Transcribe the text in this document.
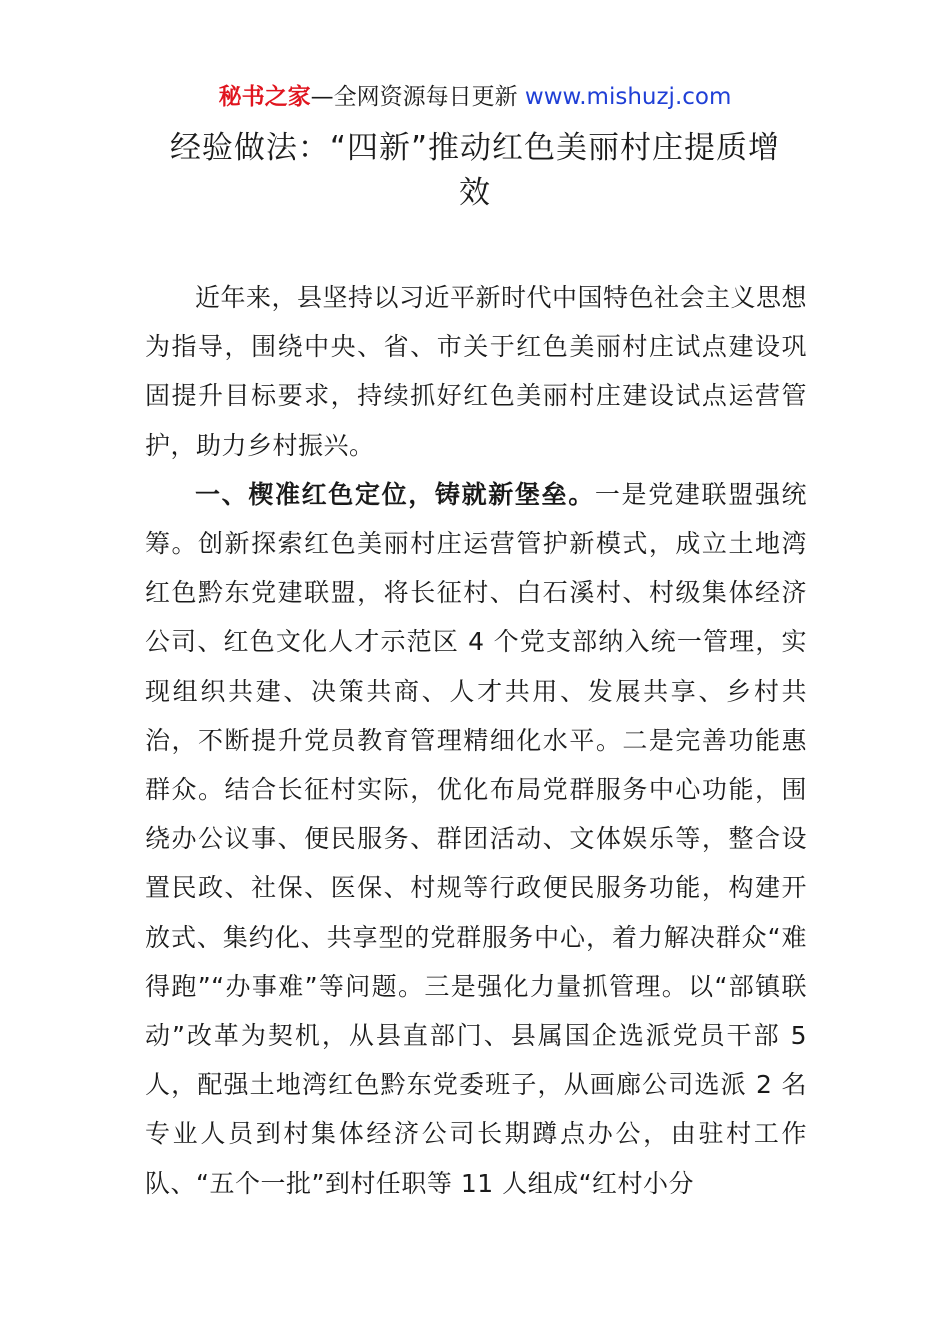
秘书之家—全网资源每日更新 www.mishuzj.com
经验做法：“四新”推动红色美丽村庄提质增
效

近年来，县坚持以习近平新时代中国特色社会主义思想为指导，围绕中央、省、市关于红色美丽村庄试点建设巩固提升目标要求，持续抓好红色美丽村庄建设试点运营管护，助力乡村振兴。

一、楔准红色定位，铸就新堡垒。一是党建联盟强统筹。创新探索红色美丽村庄运营管护新模式，成立土地湾红色黔东党建联盟，将长征村、白石溪村、村级集体经济公司、红色文化人才示范区 4 个党支部纳入统一管理，实现组织共建、决策共商、人才共用、发展共享、乡村共治，不断提升党员教育管理精细化水平。二是完善功能惠群众。结合长征村实际，优化布局党群服务中心功能，围绕办公议事、便民服务、群团活动、文体娱乐等，整合设置民政、社保、医保、村规等行政便民服务功能，构建开放式、集约化、共享型的党群服务中心，着力解决群众“难得跑”“办事难”等问题。三是强化力量抓管理。以“部镇联动”改革为契机，从县直部门、县属国企选派党员干部 5 人，配强土地湾红色黔东党委班子，从画廊公司选派 2 名专业人员到村集体经济公司长期蹲点办公，由驻村工作队、“五个一批”到村任职等 11 人组成“红村小分
